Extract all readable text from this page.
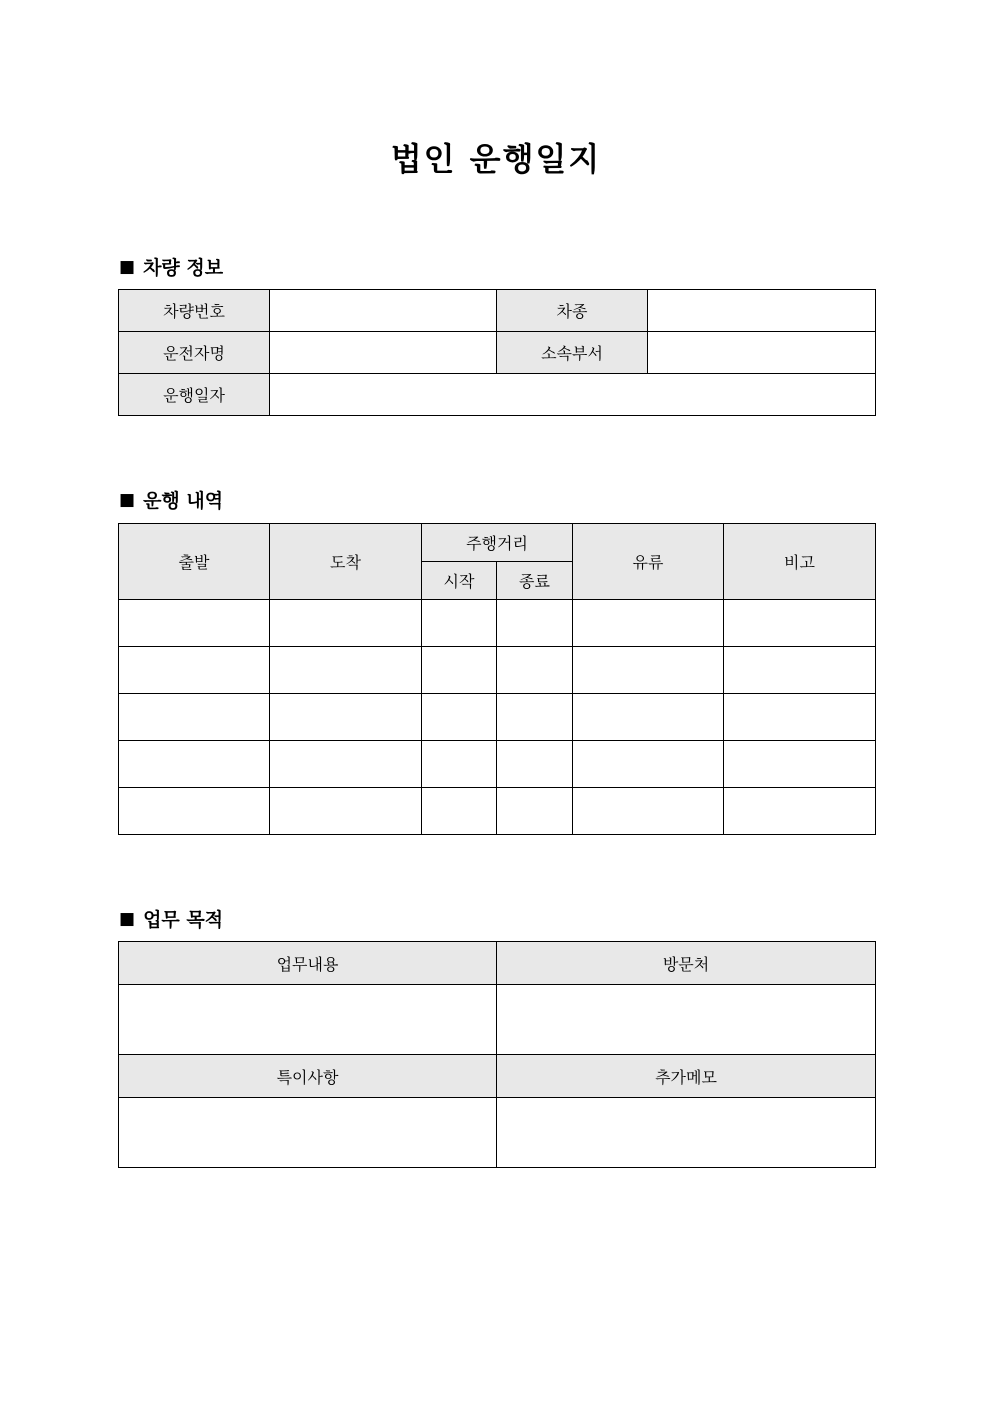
법인 운행일지
■ 차량 정보
차량번호		차종	
운전자명		소속부서	
운행일자			
■ 운행 내역
출발	도착	주행거리		유류	비고
		시작	종료		

■ 업무 목적
업무내용	방문처

특이사항	추가메모
